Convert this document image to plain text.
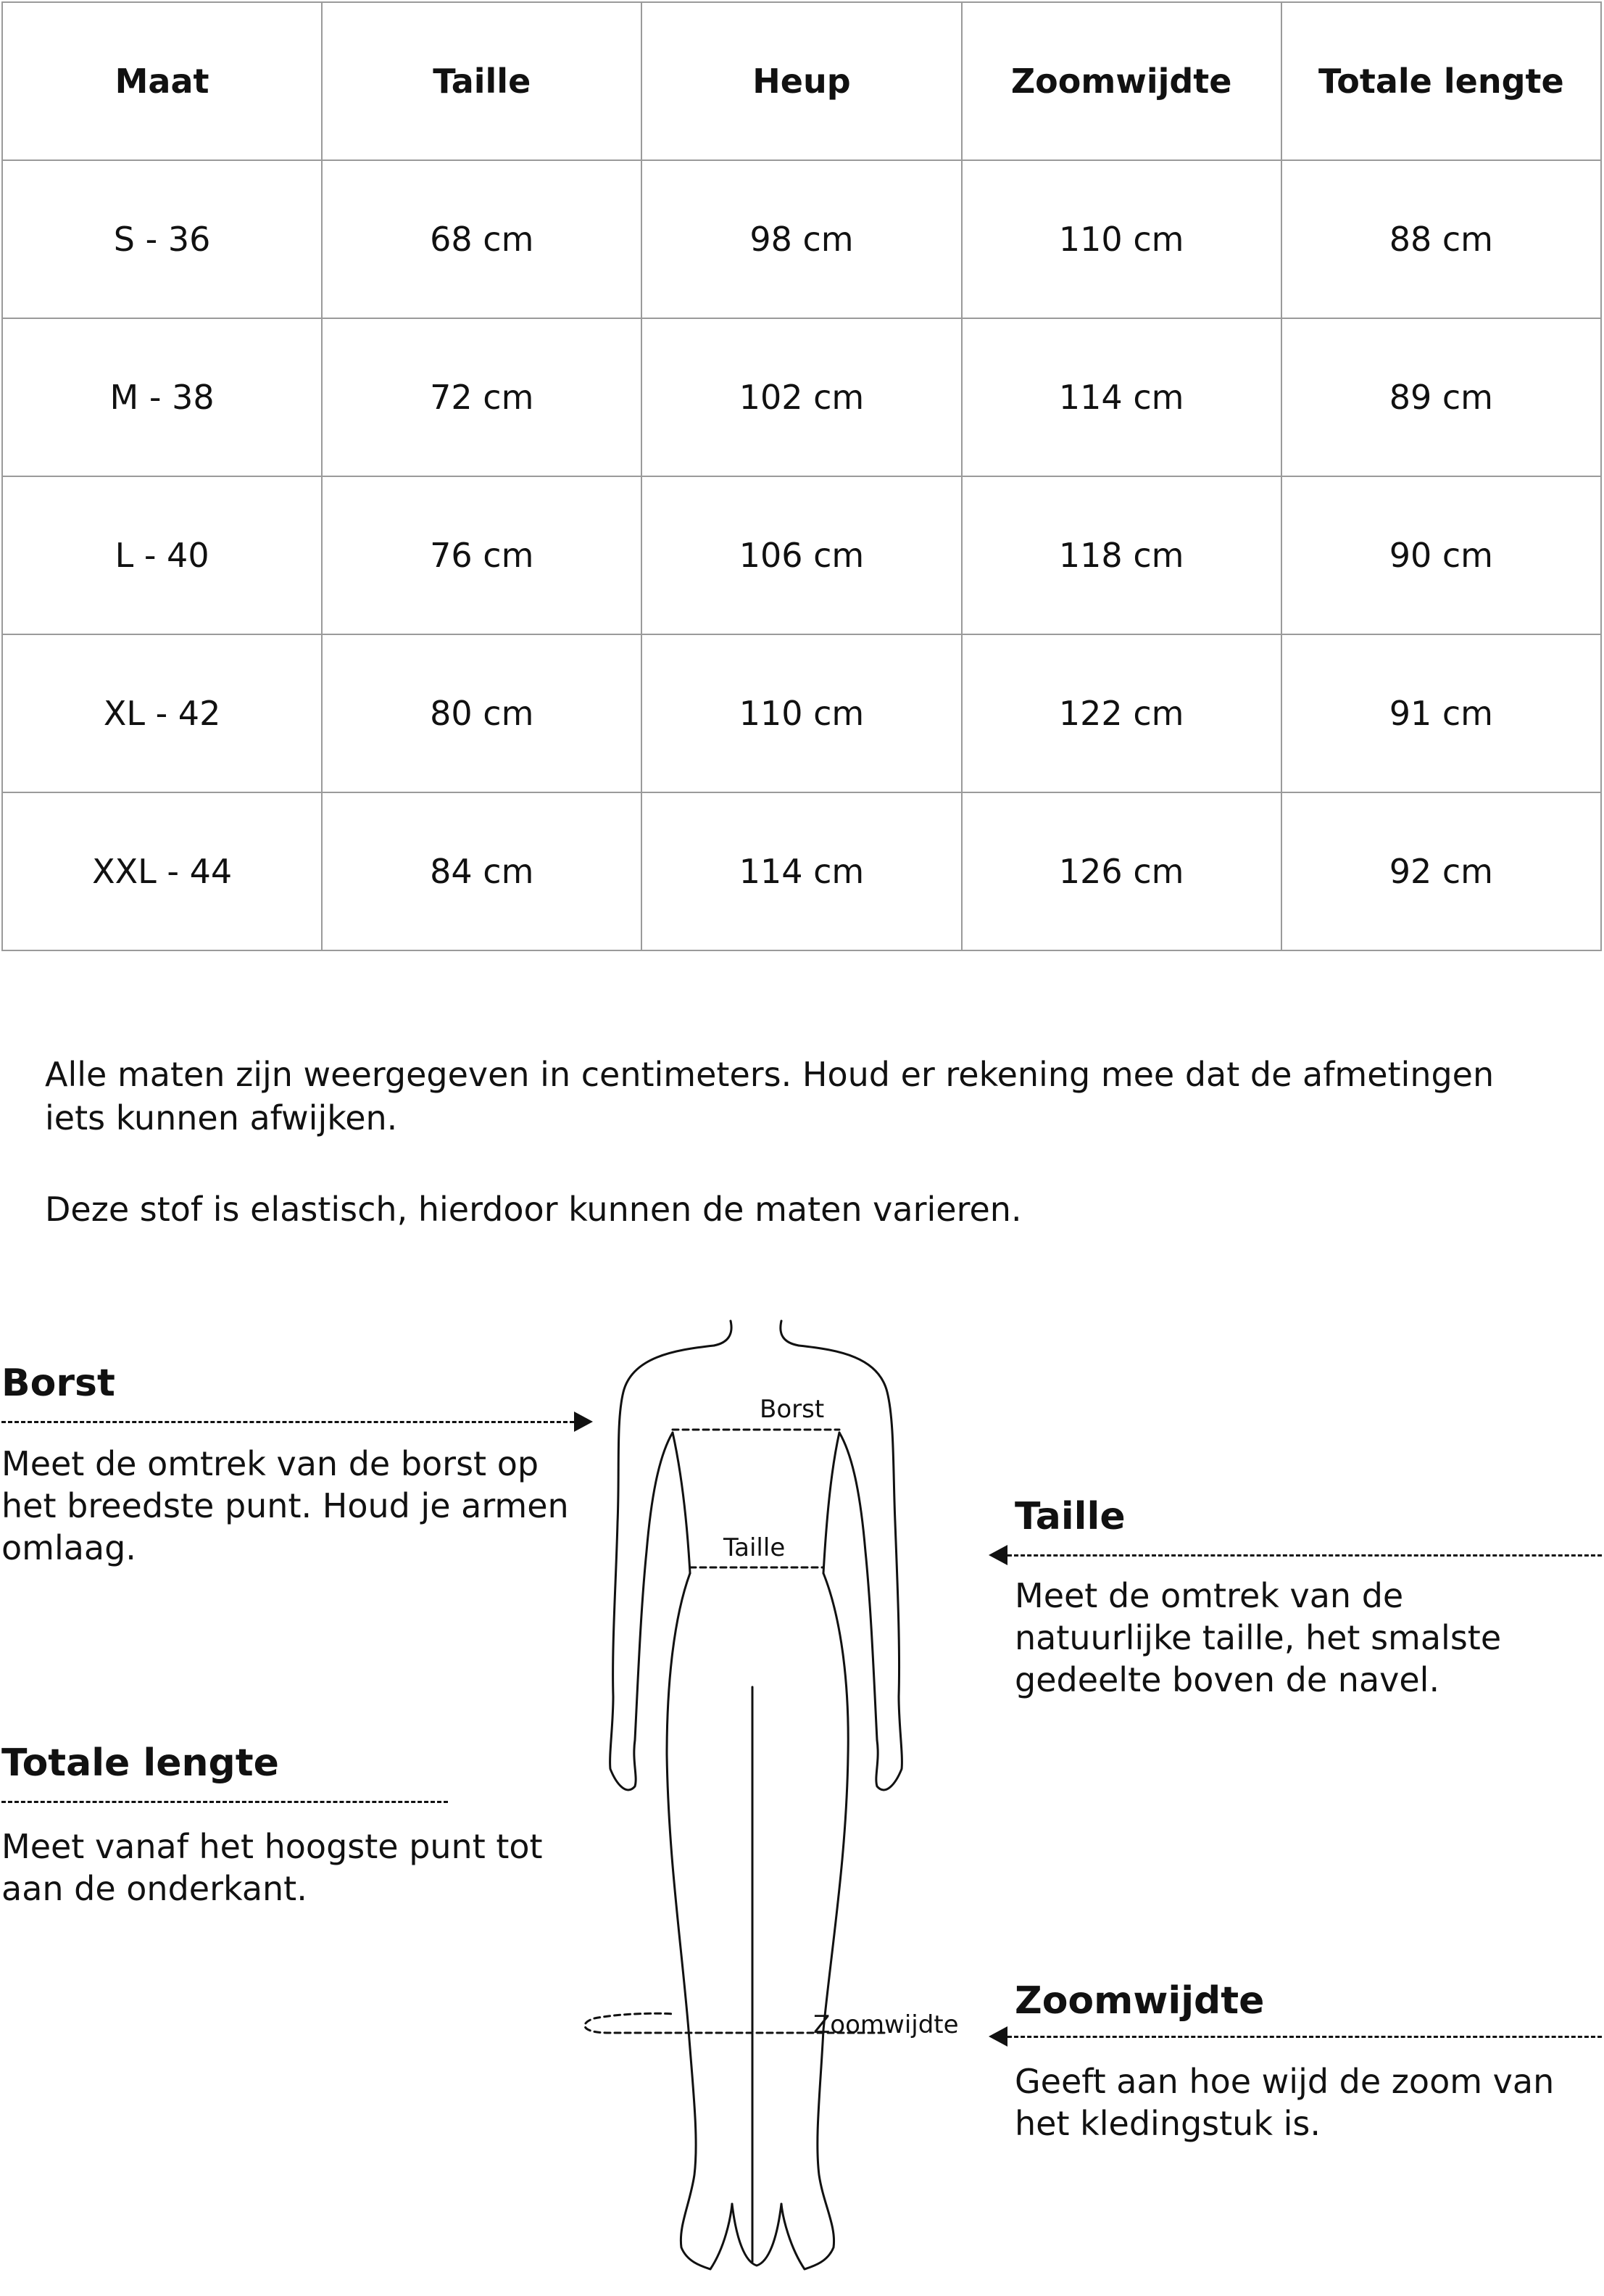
Maat	Taille	Heup	Zoomwijdte	Totale lengte
S - 36	68 cm	98 cm	110 cm	88 cm
M - 38	72 cm	102 cm	114 cm	89 cm
L - 40	76 cm	106 cm	118 cm	90 cm
XL - 42	80 cm	110 cm	122 cm	91 cm
XXL - 44	84 cm	114 cm	126 cm	92 cm

Alle maten zijn weergegeven in centimeters. Houd er rekening mee dat de afmetingen iets kunnen afwijken.

Deze stof is elastisch, hierdoor kunnen de maten varieren.

Borst

Meet de omtrek van de borst op het breedste punt. Houd je armen omlaag.

Taille

Meet de omtrek van de natuurlijke taille, het smalste gedeelte boven de navel.

Totale lengte

Meet vanaf het hoogste punt tot aan de onderkant.

Zoomwijdte

Geeft aan hoe wijd de zoom van het kledingstuk is.

Borst
Taille
Zoomwijdte
